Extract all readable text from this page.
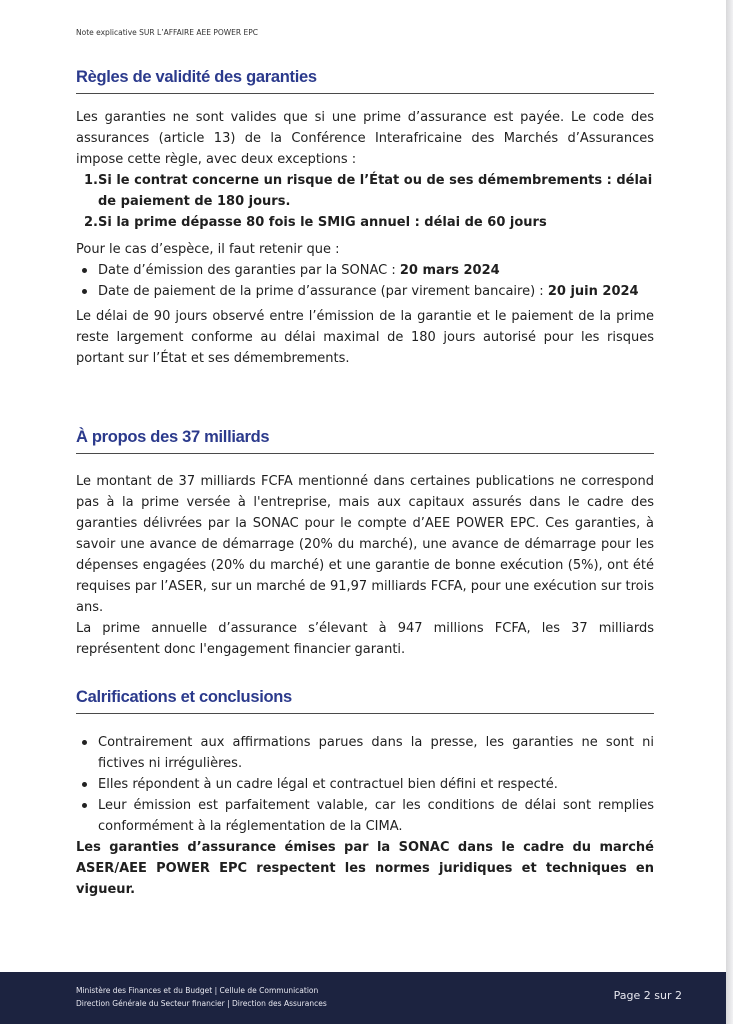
Note explicative SUR L’AFFAIRE AEE POWER EPC
Règles de validité des garanties

Les garanties ne sont valides que si une prime d’assurance est payée. Le code des assurances (article 13) de la Conférence Interafricaine des Marchés d’Assurances impose cette règle, avec deux exceptions :

1. Si le contrat concerne un risque de l’État ou de ses démembrements : délai de paiement de 180 jours.
2. Si la prime dépasse 80 fois le SMIG annuel : délai de 60 jours

Pour le cas d’espèce, il faut retenir que :

Date d’émission des garanties par la SONAC : 20 mars 2024
Date de paiement de la prime d’assurance (par virement bancaire) : 20 juin 2024

Le délai de 90 jours observé entre l’émission de la garantie et le paiement de la prime reste largement conforme au délai maximal de 180 jours autorisé pour les risques portant sur l’État et ses démembrements.

À propos des 37 milliards

Le montant de 37 milliards FCFA mentionné dans certaines publications ne correspond pas à la prime versée à l'entreprise, mais aux capitaux assurés dans le cadre des garanties délivrées par la SONAC pour le compte d’AEE POWER EPC. Ces garanties, à savoir une avance de démarrage (20% du marché), une avance de démarrage pour les dépenses engagées (20% du marché) et une garantie de bonne exécution (5%), ont été requises par l’ASER, sur un marché de 91,97 milliards FCFA, pour une exécution sur trois ans.

La prime annuelle d’assurance s’élevant à 947 millions FCFA, les 37 milliards représentent donc l'engagement financier garanti.

Calrifications et conclusions
Contrairement aux affirmations parues dans la presse, les garanties ne sont ni fictives ni irrégulières.
Elles répondent à un cadre légal et contractuel bien défini et respecté.
Leur émission est parfaitement valable, car les conditions de délai sont remplies conformément à la réglementation de la CIMA.

Les garanties d’assurance émises par la SONAC dans le cadre du marché ASER/AEE POWER EPC respectent les normes juridiques et techniques en vigueur.

Ministère des Finances et du Budget | Cellule de Communication
Direction Générale du Secteur financier | Direction des Assurances
Page 2 sur 2
